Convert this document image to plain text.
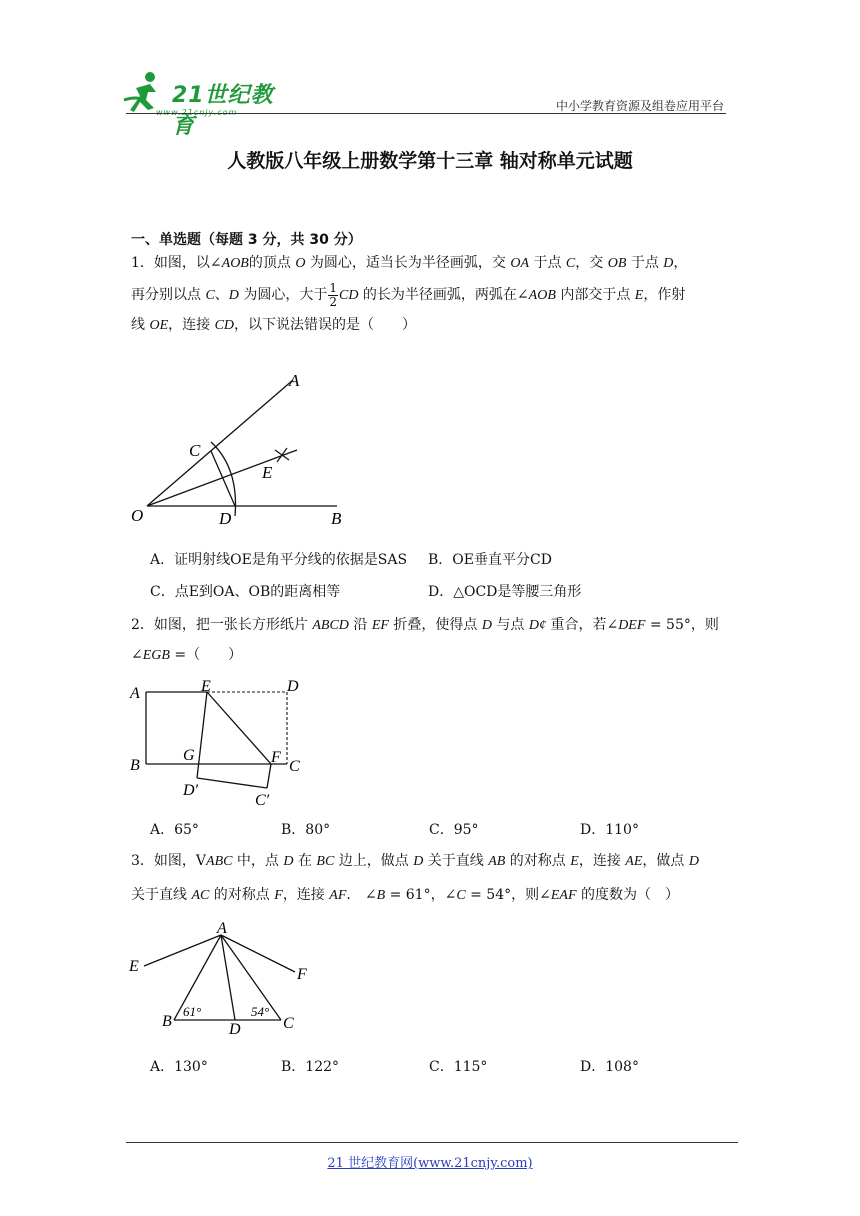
21世纪教育
www.21cnjy.com	中小学教育资源及组卷应用平台
人教版八年级上册数学第十三章 轴对称单元试题
一、单选题（每题 3 分，共 30 分）
1．如图，以∠AOB的顶点 O 为圆心，适当长为半径画弧，交 OA 于点 C，交 OB 于点 D，
再分别以点 C、D 为圆心，大于 $\frac{1}{2}$ CD 的长为半径画弧，两弧在∠AOB 内部交于点 E，作射
线 OE，连接 CD，以下说法错误的是（　　）
A
C
E
O	D	B
A．证明射线OE是角平分线的依据是SAS B．OE垂直平分CD
C．点E到OA、OB的距离相等	D．△OCD是等腰三角形
2．如图，把一张长方形纸片 ABCD 沿 EF 折叠，使得点 D 与点 D¢ 重合，若∠DEF = 55°，则
∠EGB =（　　）
A	E	D
B
G	F
C
D′
C′
A．65°	B．80°	C．95°	D．110°
3．如图，VABC 中，点 D 在 BC 边上，做点 D 关于直线 AB 的对称点 E，连接 AE，做点 D
关于直线 AC 的对称点 F，连接 AF． ∠B = 61°，∠C = 54°，则∠EAF 的度数为（　）
A
E	F
B
61°	54°
C
D
A．130°	B．122°	C．115°	D．108°
21 世纪教育网(www.21cnjy.com)
